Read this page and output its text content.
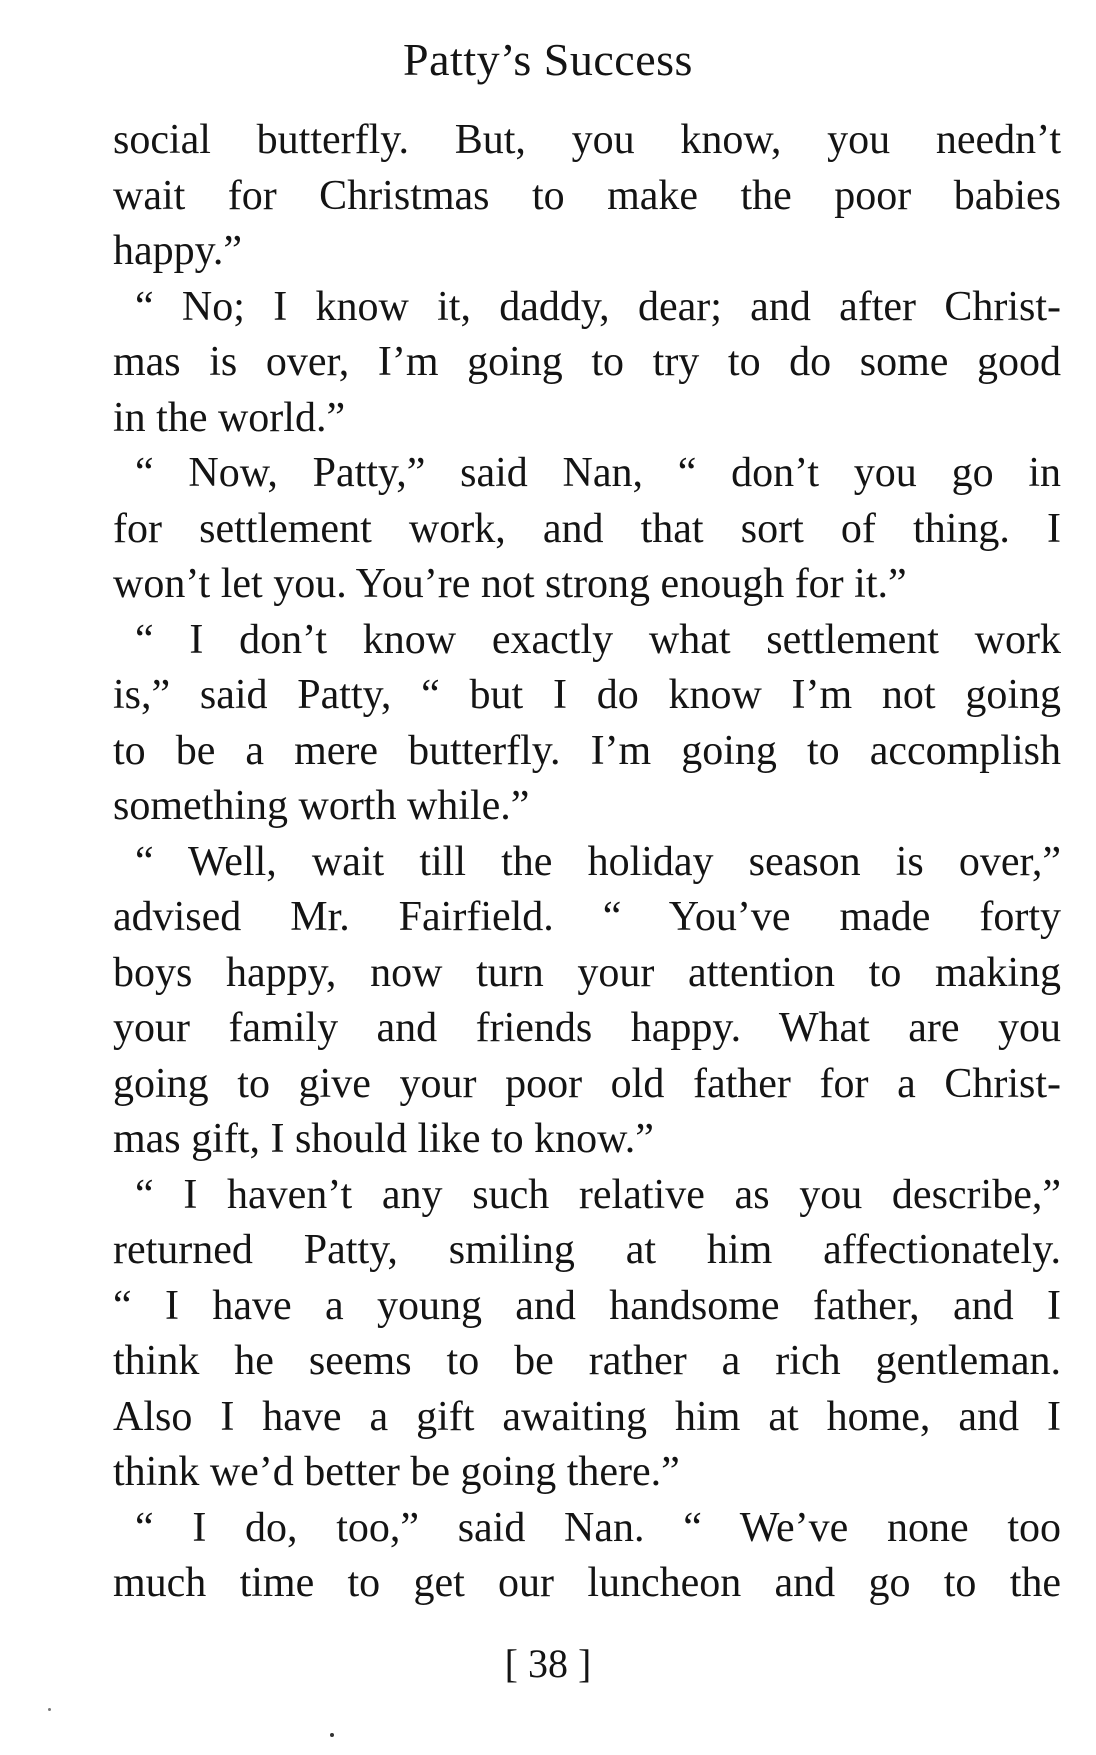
Patty’s Success
social butterfly. But, you know, you needn’t
wait for Christmas to make the poor babies
happy.”
“ No; I know it, daddy, dear; and after Christ-
mas is over, I’m going to try to do some good
in the world.”
“ Now, Patty,” said Nan, “ don’t you go in
for settlement work, and that sort of thing. I
won’t let you. You’re not strong enough for it.”
“ I don’t know exactly what settlement work
is,” said Patty, “ but I do know I’m not going
to be a mere butterfly. I’m going to accomplish
something worth while.”
“ Well, wait till the holiday season is over,”
advised Mr. Fairfield. “ You’ve made forty
boys happy, now turn your attention to making
your family and friends happy. What are you
going to give your poor old father for a Christ-
mas gift, I should like to know.”
“ I haven’t any such relative as you describe,”
returned Patty, smiling at him affectionately.
“ I have a young and handsome father, and I
think he seems to be rather a rich gentleman.
Also I have a gift awaiting him at home, and I
think we’d better be going there.”
“ I do, too,” said Nan. “ We’ve none too
much time to get our luncheon and go to the
[ 38 ]
